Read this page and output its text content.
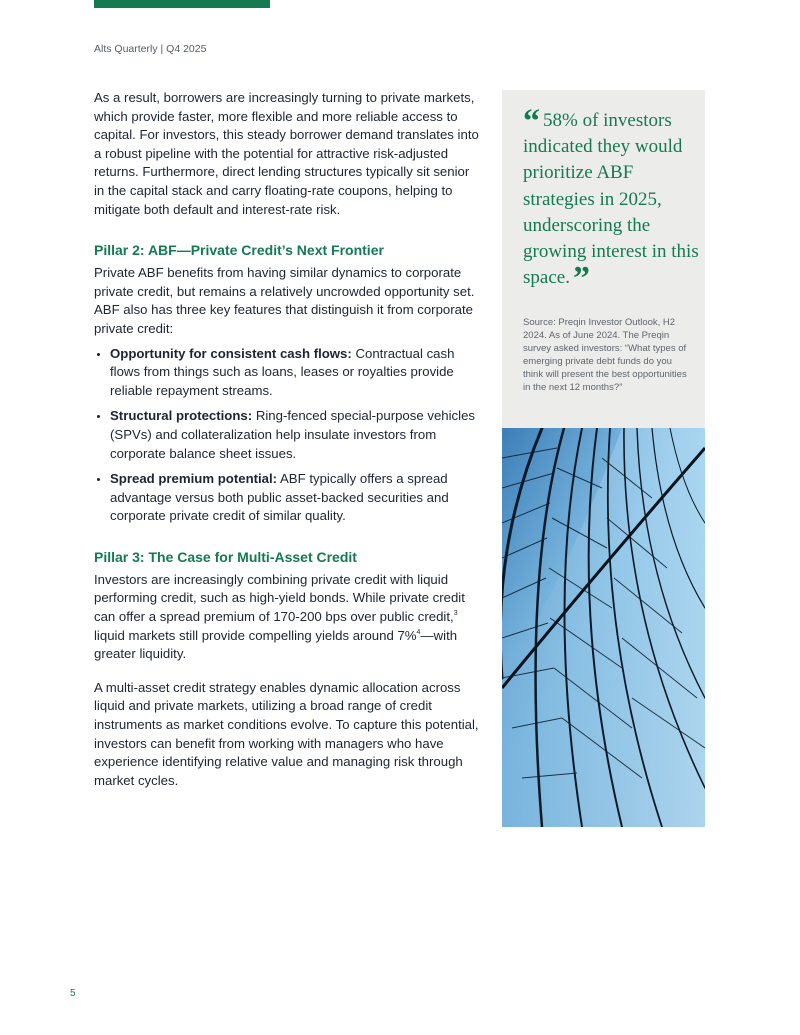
Alts Quarterly | Q4 2025

As a result, borrowers are increasingly turning to private markets, which provide faster, more flexible and more reliable access to capital. For investors, this steady borrower demand translates into a robust pipeline with the potential for attractive risk-adjusted returns. Furthermore, direct lending structures typically sit senior in the capital stack and carry floating-rate coupons, helping to mitigate both default and interest-rate risk.

Pillar 2: ABF—Private Credit’s Next Frontier

Private ABF benefits from having similar dynamics to corporate private credit, but remains a relatively uncrowded opportunity set. ABF also has three key features that distinguish it from corporate private credit:

• Opportunity for consistent cash flows: Contractual cash flows from things such as loans, leases or royalties provide reliable repayment streams.
• Structural protections: Ring-fenced special-purpose vehicles (SPVs) and collateralization help insulate investors from corporate balance sheet issues.
• Spread premium potential: ABF typically offers a spread advantage versus both public asset-backed securities and corporate private credit of similar quality.
Pillar 3: The Case for Multi-Asset Credit

Investors are increasingly combining private credit with liquid performing credit, such as high-yield bonds. While private credit can offer a spread premium of 170-200 bps over public credit,$^3$ liquid markets still provide compelling yields around 7%$^4$—with greater liquidity.

A multi-asset credit strategy enables dynamic allocation across liquid and private markets, utilizing a broad range of credit instruments as market conditions evolve. To capture this potential, investors can benefit from working with managers who have experience identifying relative value and managing risk through market cycles.

“ 58% of investors indicated they would prioritize ABF strategies in 2025, underscoring the growing interest in this space.”
Source: Preqin Investor Outlook, H2 2024. As of June 2024. The Preqin survey asked investors: “What types of emerging private debt funds do you think will present the best opportunities in the next 12 months?”
5
